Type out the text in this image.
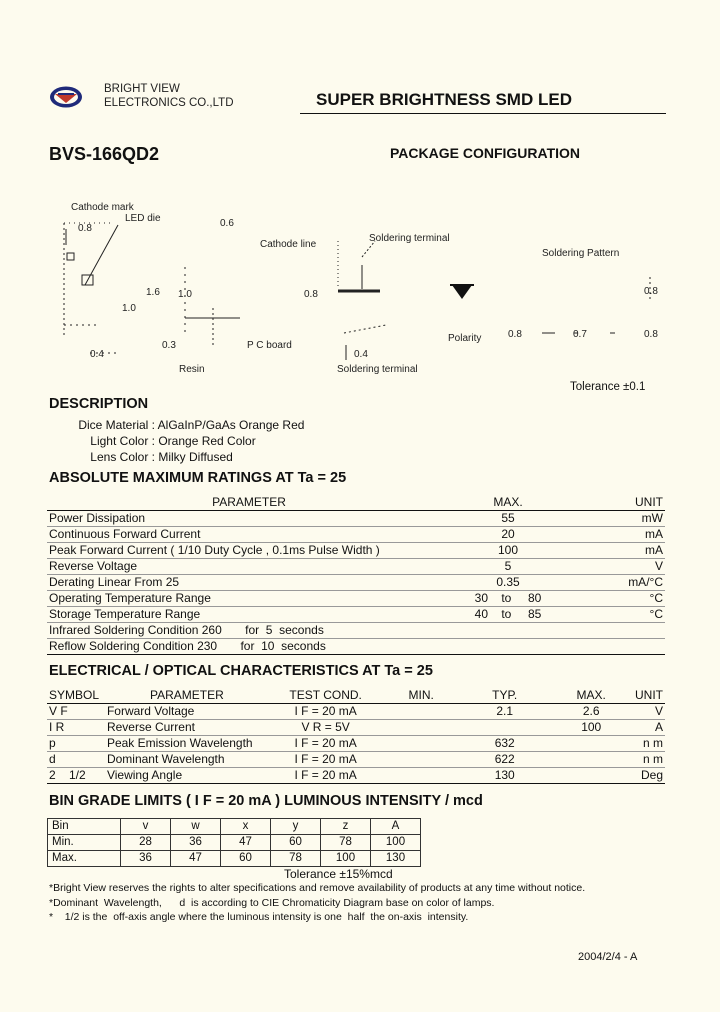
BRIGHT VIEW
ELECTRONICS CO.,LTD	SUPER BRIGHTNESS SMD LED
BVS-166QD2	PACKAGE CONFIGURATION
Cathode mark
LED die
0.8	0.6
Cathode line
Soldering terminal
Soldering Pattern
1.6 1.0
1.0
0.8
0.3	P C board
0.4	0.4
Resin	Soldering terminal
Polarity	0.8	0.7	0.8
0.8
Tolerance ±0.1
DESCRIPTION
Dice Material : AlGaInP/GaAs Orange Red
Light Color : Orange Red Color
Lens Color : Milky Diffused
ABSOLUTE MAXIMUM RATINGS AT Ta = 25
PARAMETER	MAX.	UNIT
Power Dissipation	55	mW
Continuous Forward Current	20	mA
Peak Forward Current ( 1/10 Duty Cycle , 0.1ms Pulse Width )	100	mA
Reverse Voltage	5	V
Derating Linear From 25	0.35	mA/°C
Operating Temperature Range	30    to     80	°C
Storage Temperature Range	40    to     85	°C
Infrared Soldering Condition 260       for  5  seconds		
Reflow Soldering Condition 230       for  10  seconds		
ELECTRICAL / OPTICAL CHARACTERISTICS AT Ta = 25
SYMBOL	PARAMETER	TEST COND.	MIN.	TYP.	MAX.	UNIT
V F	Forward Voltage	I F = 20 mA		2.1	2.6	V
I R	Reverse Current	V R = 5V			100	A
p	Peak Emission Wavelength	I F = 20 mA		632		n m
d	Dominant Wavelength	I F = 20 mA		622		n m
2    1/2	Viewing Angle	I F = 20 mA		130		Deg
BIN GRADE LIMITS ( I F = 20 mA ) LUMINOUS INTENSITY / mcd
Bin	v	w	x	y	z	A
Min.	28	36	47	60	78	100
Max.	36	47	60	78	100	130
Tolerance ±15%mcd
*Bright View reserves the rights to alter specifications and remove availability of products at any time without notice.
*Dominant  Wavelength,      d  is according to CIE Chromaticity Diagram base on color of lamps.
*    1/2 is the  off-axis angle where the luminous intensity is one  half  the on-axis  intensity.
2004/2/4 - A
